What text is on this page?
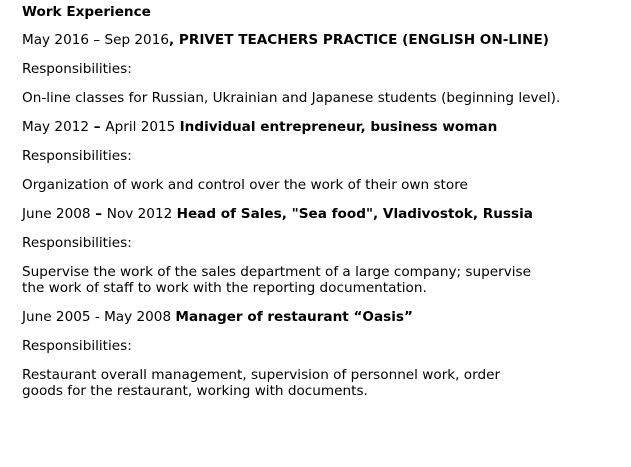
Work Experience

May 2016 – Sep 2016, PRIVET TEACHERS PRACTICE (ENGLISH ON-LINE)

Responsibilities:

On-line classes for Russian, Ukrainian and Japanese students (beginning level).

May 2012 – April 2015 Individual entrepreneur, business woman

Responsibilities:

Organization of work and control over the work of their own store

June 2008 – Nov 2012 Head of Sales, "Sea food", Vladivostok, Russia

Responsibilities:

Supervise the work of the sales department of a large company; supervise
the work of staff to work with the reporting documentation.

June 2005 - May 2008 Manager of restaurant “Oasis”

Responsibilities:

Restaurant overall management, supervision of personnel work, order
goods for the restaurant, working with documents.
